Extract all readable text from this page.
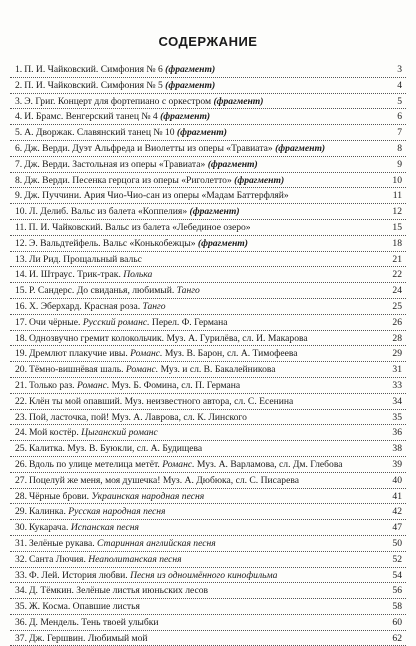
СОДЕРЖАНИЕ
1. П. И. Чайковский. Симфония № 6 (фрагмент)	3
2. П. И. Чайковский. Симфония № 5 (фрагмент)	4
3. Э. Григ. Концерт для фортепиано с оркестром (фрагмент)	5
4. И. Брамс. Венгерский танец № 4 (фрагмент)	6
5. А. Дворжак. Славянский танец № 10 (фрагмент)	7
6. Дж. Верди. Дуэт Альфреда и Виолетты из оперы «Травиата» (фрагмент)	8
7. Дж. Верди. Застольная из оперы «Травиата» (фрагмент)	9
8. Дж. Верди. Песенка герцога из оперы «Риголетто» (фрагмент)	10
9. Дж. Пуччини. Ария Чио-Чио-сан из оперы «Мадам Баттерфляй»	11
10. Л. Делиб. Вальс из балета «Коппелия» (фрагмент)	12
11. П. И. Чайковский. Вальс из балета «Лебединое озеро»	15
12. Э. Вальдтейфель. Вальс «Конькобежцы» (фрагмент)	18
13. Ли Рид. Прощальный вальс	21
14. И. Штраус. Трик-трак. Полька	22
15. Р. Сандерс. До свиданья, любимый. Танго	24
16. Х. Эберхард. Красная роза. Танго	25
17. Очи чёрные. Русский романс. Перел. Ф. Германа	26
18. Однозвучно гремит колокольчик. Муз. А. Гурилёва, сл. И. Макарова	28
19. Дремлют плакучие ивы. Романс. Муз. В. Барон, сл. А. Тимофеева	29
20. Тёмно-вишнёвая шаль. Романс. Муз. и сл. В. Бакалейникова	31
21. Только раз. Романс. Муз. Б. Фомина, сл. П. Германа	33
22. Клён ты мой опавший. Муз. неизвестного автора, сл. С. Есенина	34
23. Пой, ласточка, пой! Муз. А. Лаврова, сл. К. Линского	35
24. Мой костёр. Цыганский романс	36
25. Калитка. Муз. В. Буюкли, сл. А. Будищева	38
26. Вдоль по улице метелица метёт. Романс. Муз. А. Варламова, сл. Дм. Глебова	39
27. Поцелуй же меня, моя душечка! Муз. А. Дюбюка, сл. С. Писарева	40
28. Чёрные брови. Украинская народная песня	41
29. Калинка. Русская народная песня	42
30. Кукарача. Испанская песня	47
31. Зелёные рукава. Старинная английская песня	50
32. Санта Лючия. Неаполитанская песня	52
33. Ф. Лей. История любви. Песня из одноимённого кинофильма	54
34. Д. Тёмкин. Зелёные листья июньских лесов	56
35. Ж. Косма. Опавшие листья	58
36. Д. Мендель. Тень твоей улыбки	60
37. Дж. Гершвин. Любимый мой	62
